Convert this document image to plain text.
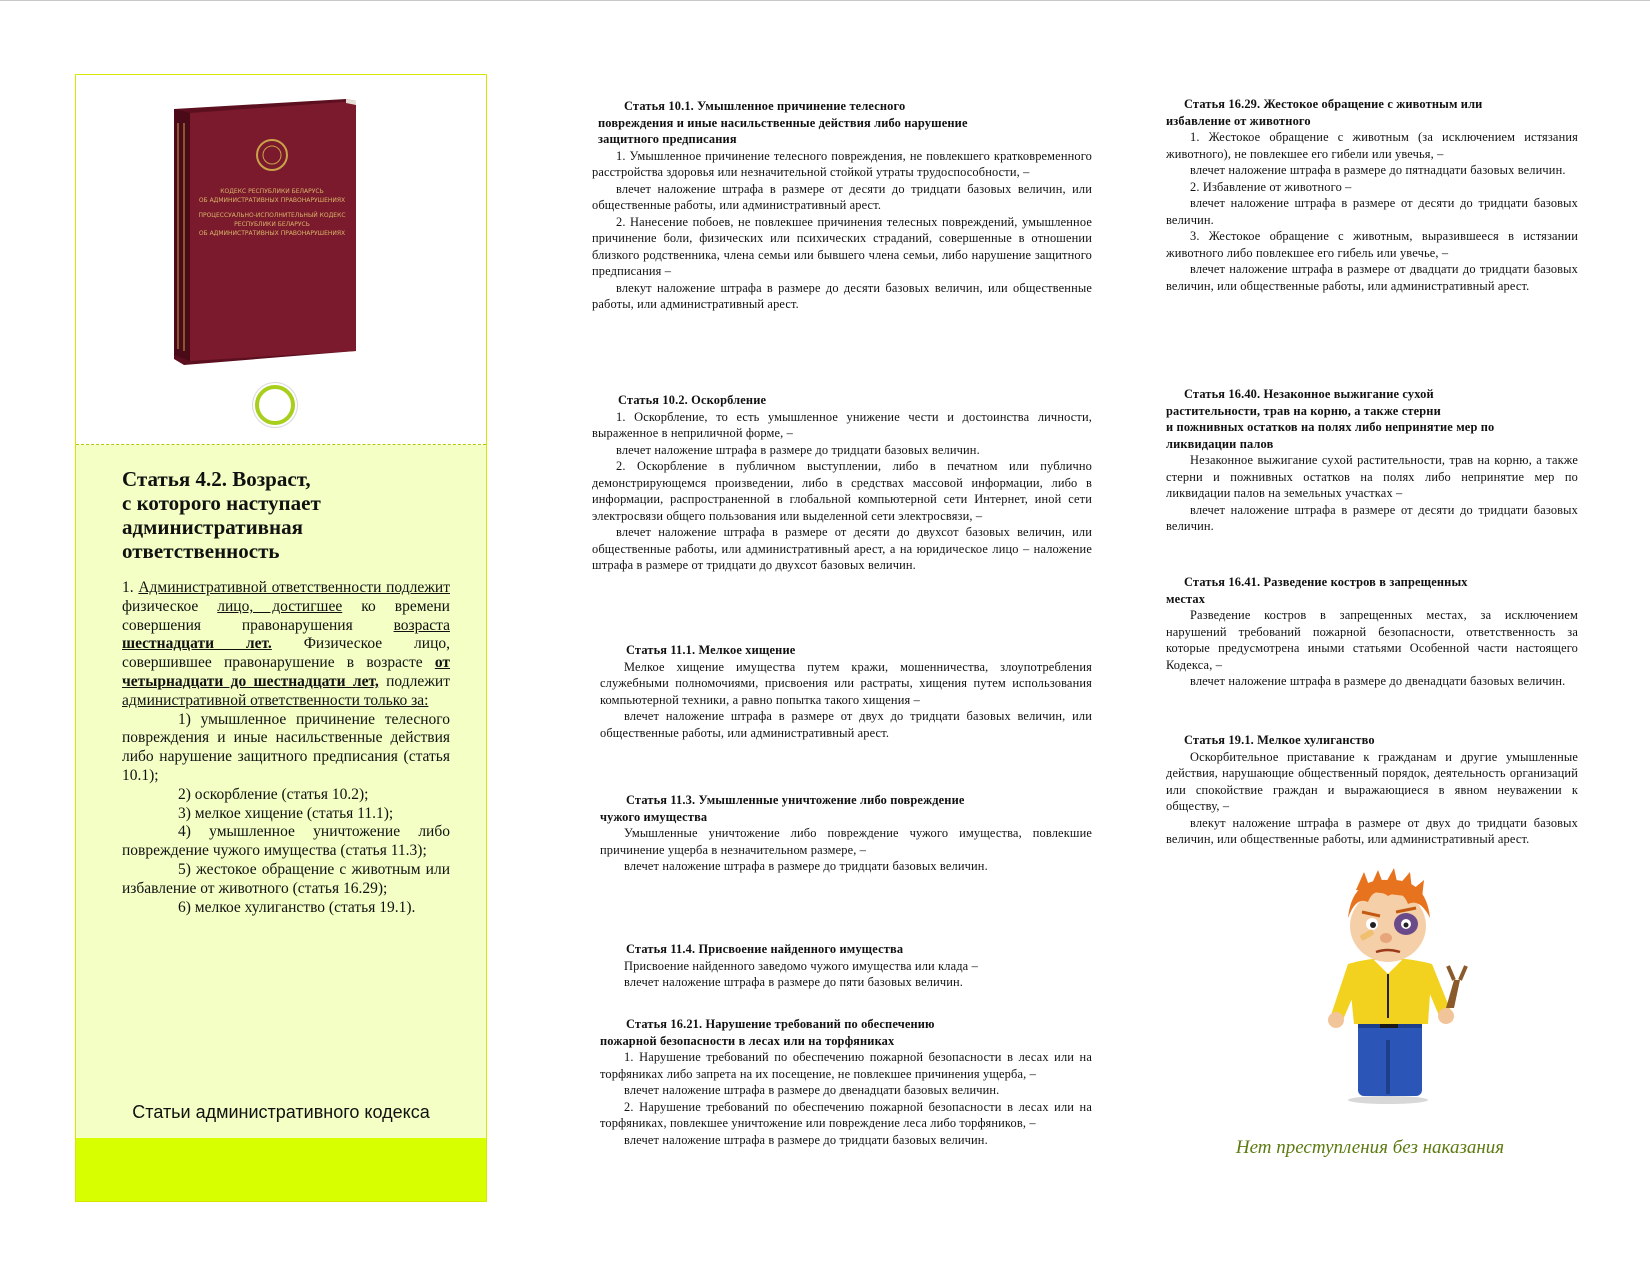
КОДЕКС РЕСПУБЛИКИ БЕЛАРУСЬ
ОБ АДМИНИСТРАТИВНЫХ ПРАВОНАРУШЕНИЯХ
ПРОЦЕССУАЛЬНО-ИСПОЛНИТЕЛЬНЫЙ КОДЕКС
РЕСПУБЛИКИ БЕЛАРУСЬ
ОБ АДМИНИСТРАТИВНЫХ ПРАВОНАРУШЕНИЯХ
Статья 4.2. Возраст,
с которого наступает
административная
ответственность

1. Административной ответственности подлежит физическое лицо, достигшее ко времени совершения правонарушения возраста шестнадцати лет. Физическое лицо, совершившее правонарушение в возрасте от четырнадцати до шестнадцати лет, подлежит административной ответственности только за:

1) умышленное причинение телесного повреждения и иные насильственные действия либо нарушение защитного предписания (статья 10.1);

2) оскорбление (статья 10.2);

3) мелкое хищение (статья 11.1);

4) умышленное уничтожение либо повреждение чужого имущества (статья 11.3);

5) жестокое обращение с животным или избавление от животного (статья 16.29);

6) мелкое хулиганство (статья 19.1).

Статьи административного кодекса
Статья 10.1. Умышленное причинение телесного
повреждения и иные насильственные действия либо нарушение
защитного предписания

1. Умышленное причинение телесного повреждения, не повлекшего кратковременного расстройства здоровья или незначительной стойкой утраты трудоспособности, –

влечет наложение штрафа в размере от десяти до тридцати базовых величин, или общественные работы, или административный арест.

2. Нанесение побоев, не повлекшее причинения телесных повреждений, умышленное причинение боли, физических или психических страданий, совершенные в отношении близкого родственника, члена семьи или бывшего члена семьи, либо нарушение защитного предписания –

влекут наложение штрафа в размере до десяти базовых величин, или общественные работы, или административный арест.

Статья 10.2. Оскорбление

1. Оскорбление, то есть умышленное унижение чести и достоинства личности, выраженное в неприличной форме, –

влечет наложение штрафа в размере до тридцати базовых величин.

2. Оскорбление в публичном выступлении, либо в печатном или публично демонстрирующемся произведении, либо в средствах массовой информации, либо в информации, распространенной в глобальной компьютерной сети Интернет, иной сети электросвязи общего пользования или выделенной сети электросвязи, –

влечет наложение штрафа в размере от десяти до двухсот базовых величин, или общественные работы, или административный арест, а на юридическое лицо – наложение штрафа в размере от тридцати до двухсот базовых величин.

Статья 11.1. Мелкое хищение

Мелкое хищение имущества путем кражи, мошенничества, злоупотребления служебными полномочиями, присвоения или растраты, хищения путем использования компьютерной техники, а равно попытка такого хищения –

влечет наложение штрафа в размере от двух до тридцати базовых величин, или общественные работы, или административный арест.

Статья 11.3. Умышленные уничтожение либо повреждение
чужого имущества

Умышленные уничтожение либо повреждение чужого имущества, повлекшие причинение ущерба в незначительном размере, –

влечет наложение штрафа в размере до тридцати базовых величин.

Статья 11.4. Присвоение найденного имущества

Присвоение найденного заведомо чужого имущества или клада –

влечет наложение штрафа в размере до пяти базовых величин.

Статья 16.21. Нарушение требований по обеспечению
пожарной безопасности в лесах или на торфяниках

1. Нарушение требований по обеспечению пожарной безопасности в лесах или на торфяниках либо запрета на их посещение, не повлекшее причинения ущерба, –

влечет наложение штрафа в размере до двенадцати базовых величин.

2. Нарушение требований по обеспечению пожарной безопасности в лесах или на торфяниках, повлекшее уничтожение или повреждение леса либо торфяников, –

влечет наложение штрафа в размере до тридцати базовых величин.

Статья 16.29. Жестокое обращение с животным или
избавление от животного

1. Жестокое обращение с животным (за исключением истязания животного), не повлекшее его гибели или увечья, –

влечет наложение штрафа в размере до пятнадцати базовых величин.

2. Избавление от животного –

влечет наложение штрафа в размере от десяти до тридцати базовых величин.

3. Жестокое обращение с животным, выразившееся в истязании животного либо повлекшее его гибель или увечье, –

влечет наложение штрафа в размере от двадцати до тридцати базовых величин, или общественные работы, или административный арест.

Статья 16.40. Незаконное выжигание сухой
растительности, трав на корню, а также стерни
и пожнивных остатков на полях либо непринятие мер по
ликвидации палов

Незаконное выжигание сухой растительности, трав на корню, а также стерни и пожнивных остатков на полях либо непринятие мер по ликвидации палов на земельных участках –

влечет наложение штрафа в размере от десяти до тридцати базовых величин.

Статья 16.41. Разведение костров в запрещенных
местах

Разведение костров в запрещенных местах, за исключением нарушений требований пожарной безопасности, ответственность за которые предусмотрена иными статьями Особенной части настоящего Кодекса, –

влечет наложение штрафа в размере до двенадцати базовых величин.

Статья 19.1. Мелкое хулиганство

Оскорбительное приставание к гражданам и другие умышленные действия, нарушающие общественный порядок, деятельность организаций или спокойствие граждан и выражающиеся в явном неуважении к обществу, –

влекут наложение штрафа в размере от двух до тридцати базовых величин, или общественные работы, или административный арест.

Нет преступления без наказания
